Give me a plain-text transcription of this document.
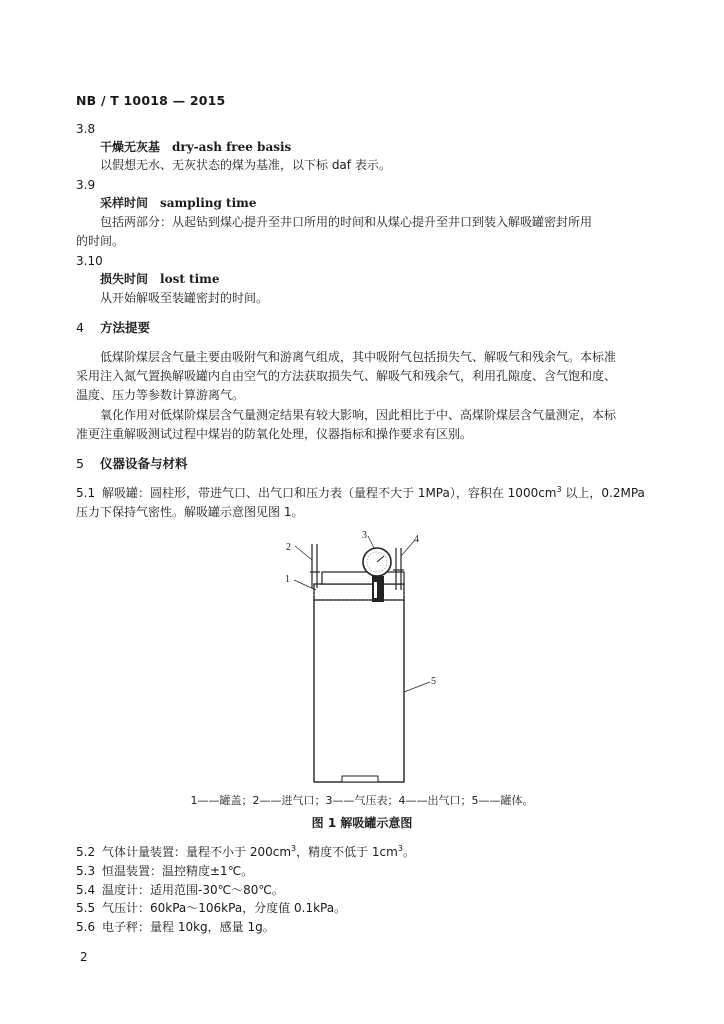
NB / T 10018 — 2015
3.8
干燥无灰基 dry-ash free basis
以假想无水、无灰状态的煤为基准，以下标 daf 表示。
3.9
采样时间 sampling time
包括两部分：从起钻到煤心提升至井口所用的时间和从煤心提升至井口到装入解吸罐密封所用
的时间。
3.10
损失时间 lost time
从开始解吸至装罐密封的时间。
4 方法提要
低煤阶煤层含气量主要由吸附气和游离气组成，其中吸附气包括损失气、解吸气和残余气。本标准
采用注入氮气置换解吸罐内自由空气的方法获取损失气、解吸气和残余气，利用孔隙度、含气饱和度、
温度、压力等参数计算游离气。
氧化作用对低煤阶煤层含气量测定结果有较大影响，因此相比于中、高煤阶煤层含气量测定，本标
准更注重解吸测试过程中煤岩的防氧化处理，仪器指标和操作要求有区别。
5 仪器设备与材料
5.1 解吸罐：圆柱形，带进气口、出气口和压力表（量程不大于 1MPa），容积在 $1000cm^3$ 以上，0.2MPa
压力下保持气密性。解吸罐示意图见图 1。
2
1
3	4
5
1——罐盖；2——进气口；3——气压表；4——出气口；5——罐体。
图 1 解吸罐示意图
5.2 气体计量装置：量程不小于 $200cm^3$，精度不低于 $1cm^3$。
5.3 恒温装置：温控精度±1℃。
5.4 温度计：适用范围-30℃～80℃。
5.5 气压计：60kPa～106kPa，分度值 0.1kPa。
5.6 电子秤：量程 10kg，感量 1g。
2
